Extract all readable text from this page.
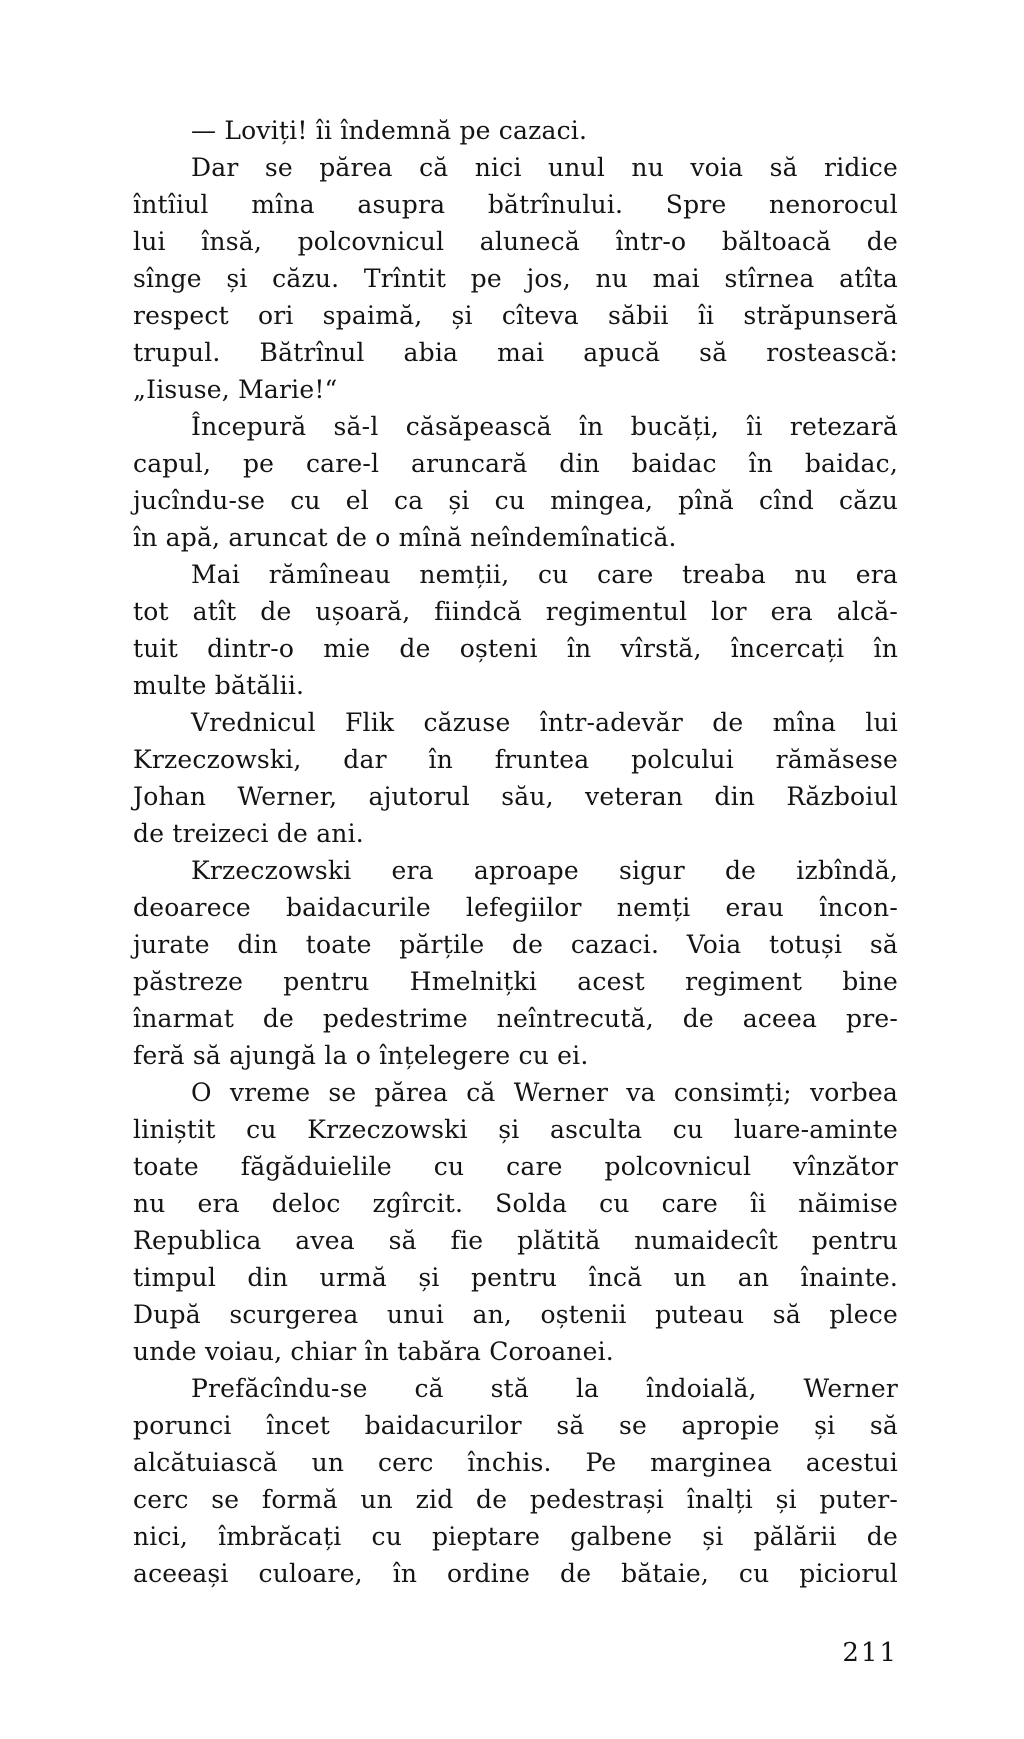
— Loviți! îi îndemnă pe cazaci.
Dar se părea că nici unul nu voia să ridice
întîiul mîna asupra bătrînului. Spre nenorocul
lui însă, polcovnicul alunecă într-o băltoacă de
sînge și căzu. Trîntit pe jos, nu mai stîrnea atîta
respect ori spaimă, și cîteva săbii îi străpunseră
trupul. Bătrînul abia mai apucă să rostească:
„Iisuse, Marie!“
Începură să-l căsăpească în bucăți, îi retezară
capul, pe care-l aruncară din baidac în baidac,
jucîndu-se cu el ca și cu mingea, pînă cînd căzu
în apă, aruncat de o mînă neîndemînatică.
Mai rămîneau nemții, cu care treaba nu era
tot atît de ușoară, fiindcă regimentul lor era alcă-
tuit dintr-o mie de oșteni în vîrstă, încercați în
multe bătălii.
Vrednicul Flik căzuse într-adevăr de mîna lui
Krzeczowski, dar în fruntea polcului rămăsese
Johan Werner, ajutorul său, veteran din Războiul
de treizeci de ani.
Krzeczowski era aproape sigur de izbîndă,
deoarece baidacurile lefegiilor nemți erau încon-
jurate din toate părțile de cazaci. Voia totuși să
păstreze pentru Hmelnițki acest regiment bine
înarmat de pedestrime neîntrecută, de aceea pre-
feră să ajungă la o înțelegere cu ei.
O vreme se părea că Werner va consimți; vorbea
liniștit cu Krzeczowski și asculta cu luare-aminte
toate făgăduielile cu care polcovnicul vînzător
nu era deloc zgîrcit. Solda cu care îi năimise
Republica avea să fie plătită numaidecît pentru
timpul din urmă și pentru încă un an înainte.
După scurgerea unui an, oștenii puteau să plece
unde voiau, chiar în tabăra Coroanei.
Prefăcîndu-se că stă la îndoială, Werner
porunci încet baidacurilor să se apropie și să
alcătuiască un cerc închis. Pe marginea acestui
cerc se formă un zid de pedestrași înalți și puter-
nici, îmbrăcați cu pieptare galbene și pălării de
aceeași culoare, în ordine de bătaie, cu piciorul
211
